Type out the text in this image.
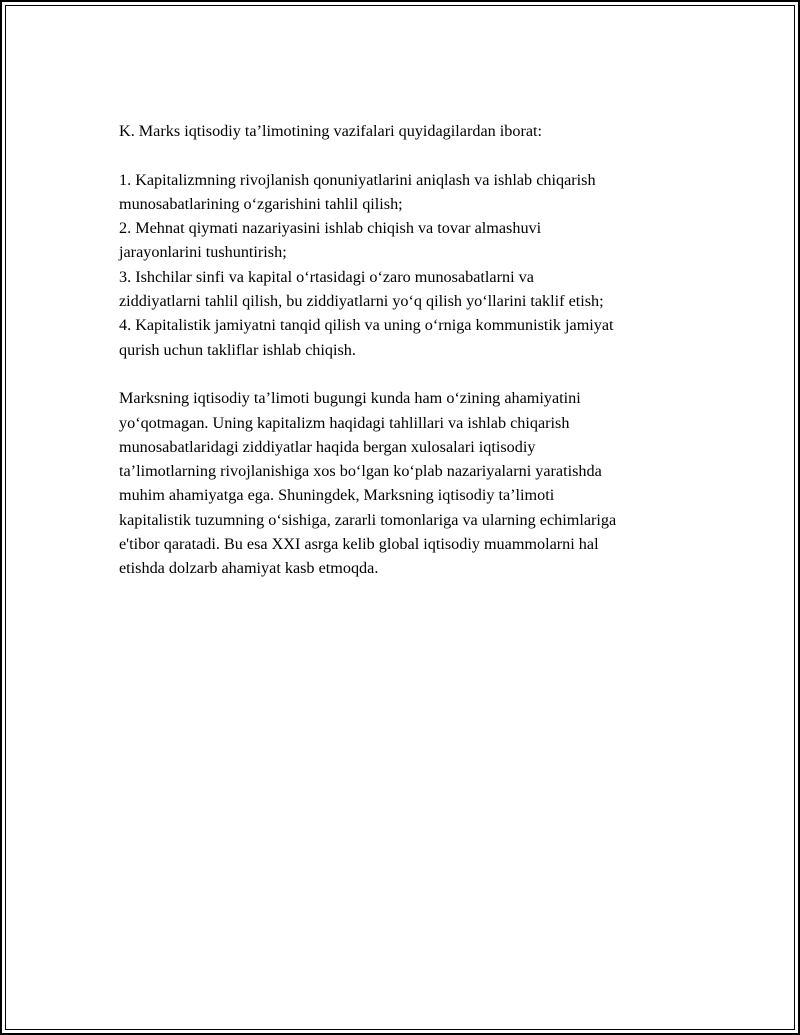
K. Marks iqtisodiy ta’limotining vazifalari quyidagilardan iborat:
1. Kapitalizmning rivojlanish qonuniyatlarini aniqlash va ishlab chiqarish
munosabatlarining oʻzgarishini tahlil qilish;
2. Mehnat qiymati nazariyasini ishlab chiqish va tovar almashuvi
jarayonlarini tushuntirish;
3. Ishchilar sinfi va kapital oʻrtasidagi oʻzaro munosabatlarni va
ziddiyatlarni tahlil qilish, bu ziddiyatlarni yoʻq qilish yoʻllarini taklif etish;
4. Kapitalistik jamiyatni tanqid qilish va uning oʻrniga kommunistik jamiyat
qurish uchun takliflar ishlab chiqish.
Marksning iqtisodiy ta’limoti bugungi kunda ham oʻzining ahamiyatini
yoʻqotmagan. Uning kapitalizm haqidagi tahlillari va ishlab chiqarish
munosabatlaridagi ziddiyatlar haqida bergan xulosalari iqtisodiy
ta’limotlarning rivojlanishiga xos boʻlgan koʻplab nazariyalarni yaratishda
muhim ahamiyatga ega. Shuningdek, Marksning iqtisodiy ta’limoti
kapitalistik tuzumning oʻsishiga, zararli tomonlariga va ularning echimlariga
e'tibor qaratadi. Bu esa XXI asrga kelib global iqtisodiy muammolarni hal
etishda dolzarb ahamiyat kasb etmoqda.
